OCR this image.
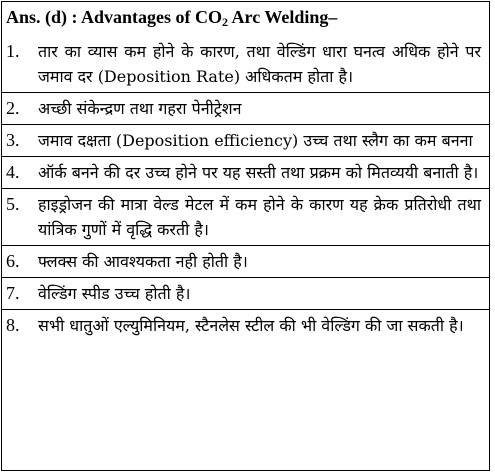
Ans. (d) : Advantages of $CO_2$ Arc Welding–
1.	तार का व्यास कम होने के कारण, तथा वेल्डिंग धारा घनत्व अधिक होने पर जमाव दर (Deposition Rate) अधिकतम होता है।
2.	अच्छी संकेन्द्रण तथा गहरा पेनीट्रेशन
3.	जमाव दक्षता (Deposition efficiency) उच्च तथा स्लैग का कम बनना
4.	ऑर्क बनने की दर उच्च होने पर यह सस्ती तथा प्रक्रम को मितव्ययी बनाती है।
5.	हाइड्रोजन की मात्रा वेल्ड मेटल में कम होने के कारण यह क्रेक प्रतिरोधी तथा यांत्रिक गुणों में वृद्धि करती है।
6.	फ्लक्स की आवश्यकता नही होती है।
7.	वेल्डिंग स्पीड उच्च होती है।
8.	सभी धातुओं एल्युमिनियम, स्टैनलेस स्टील की भी वेल्डिंग की जा सकती है।
